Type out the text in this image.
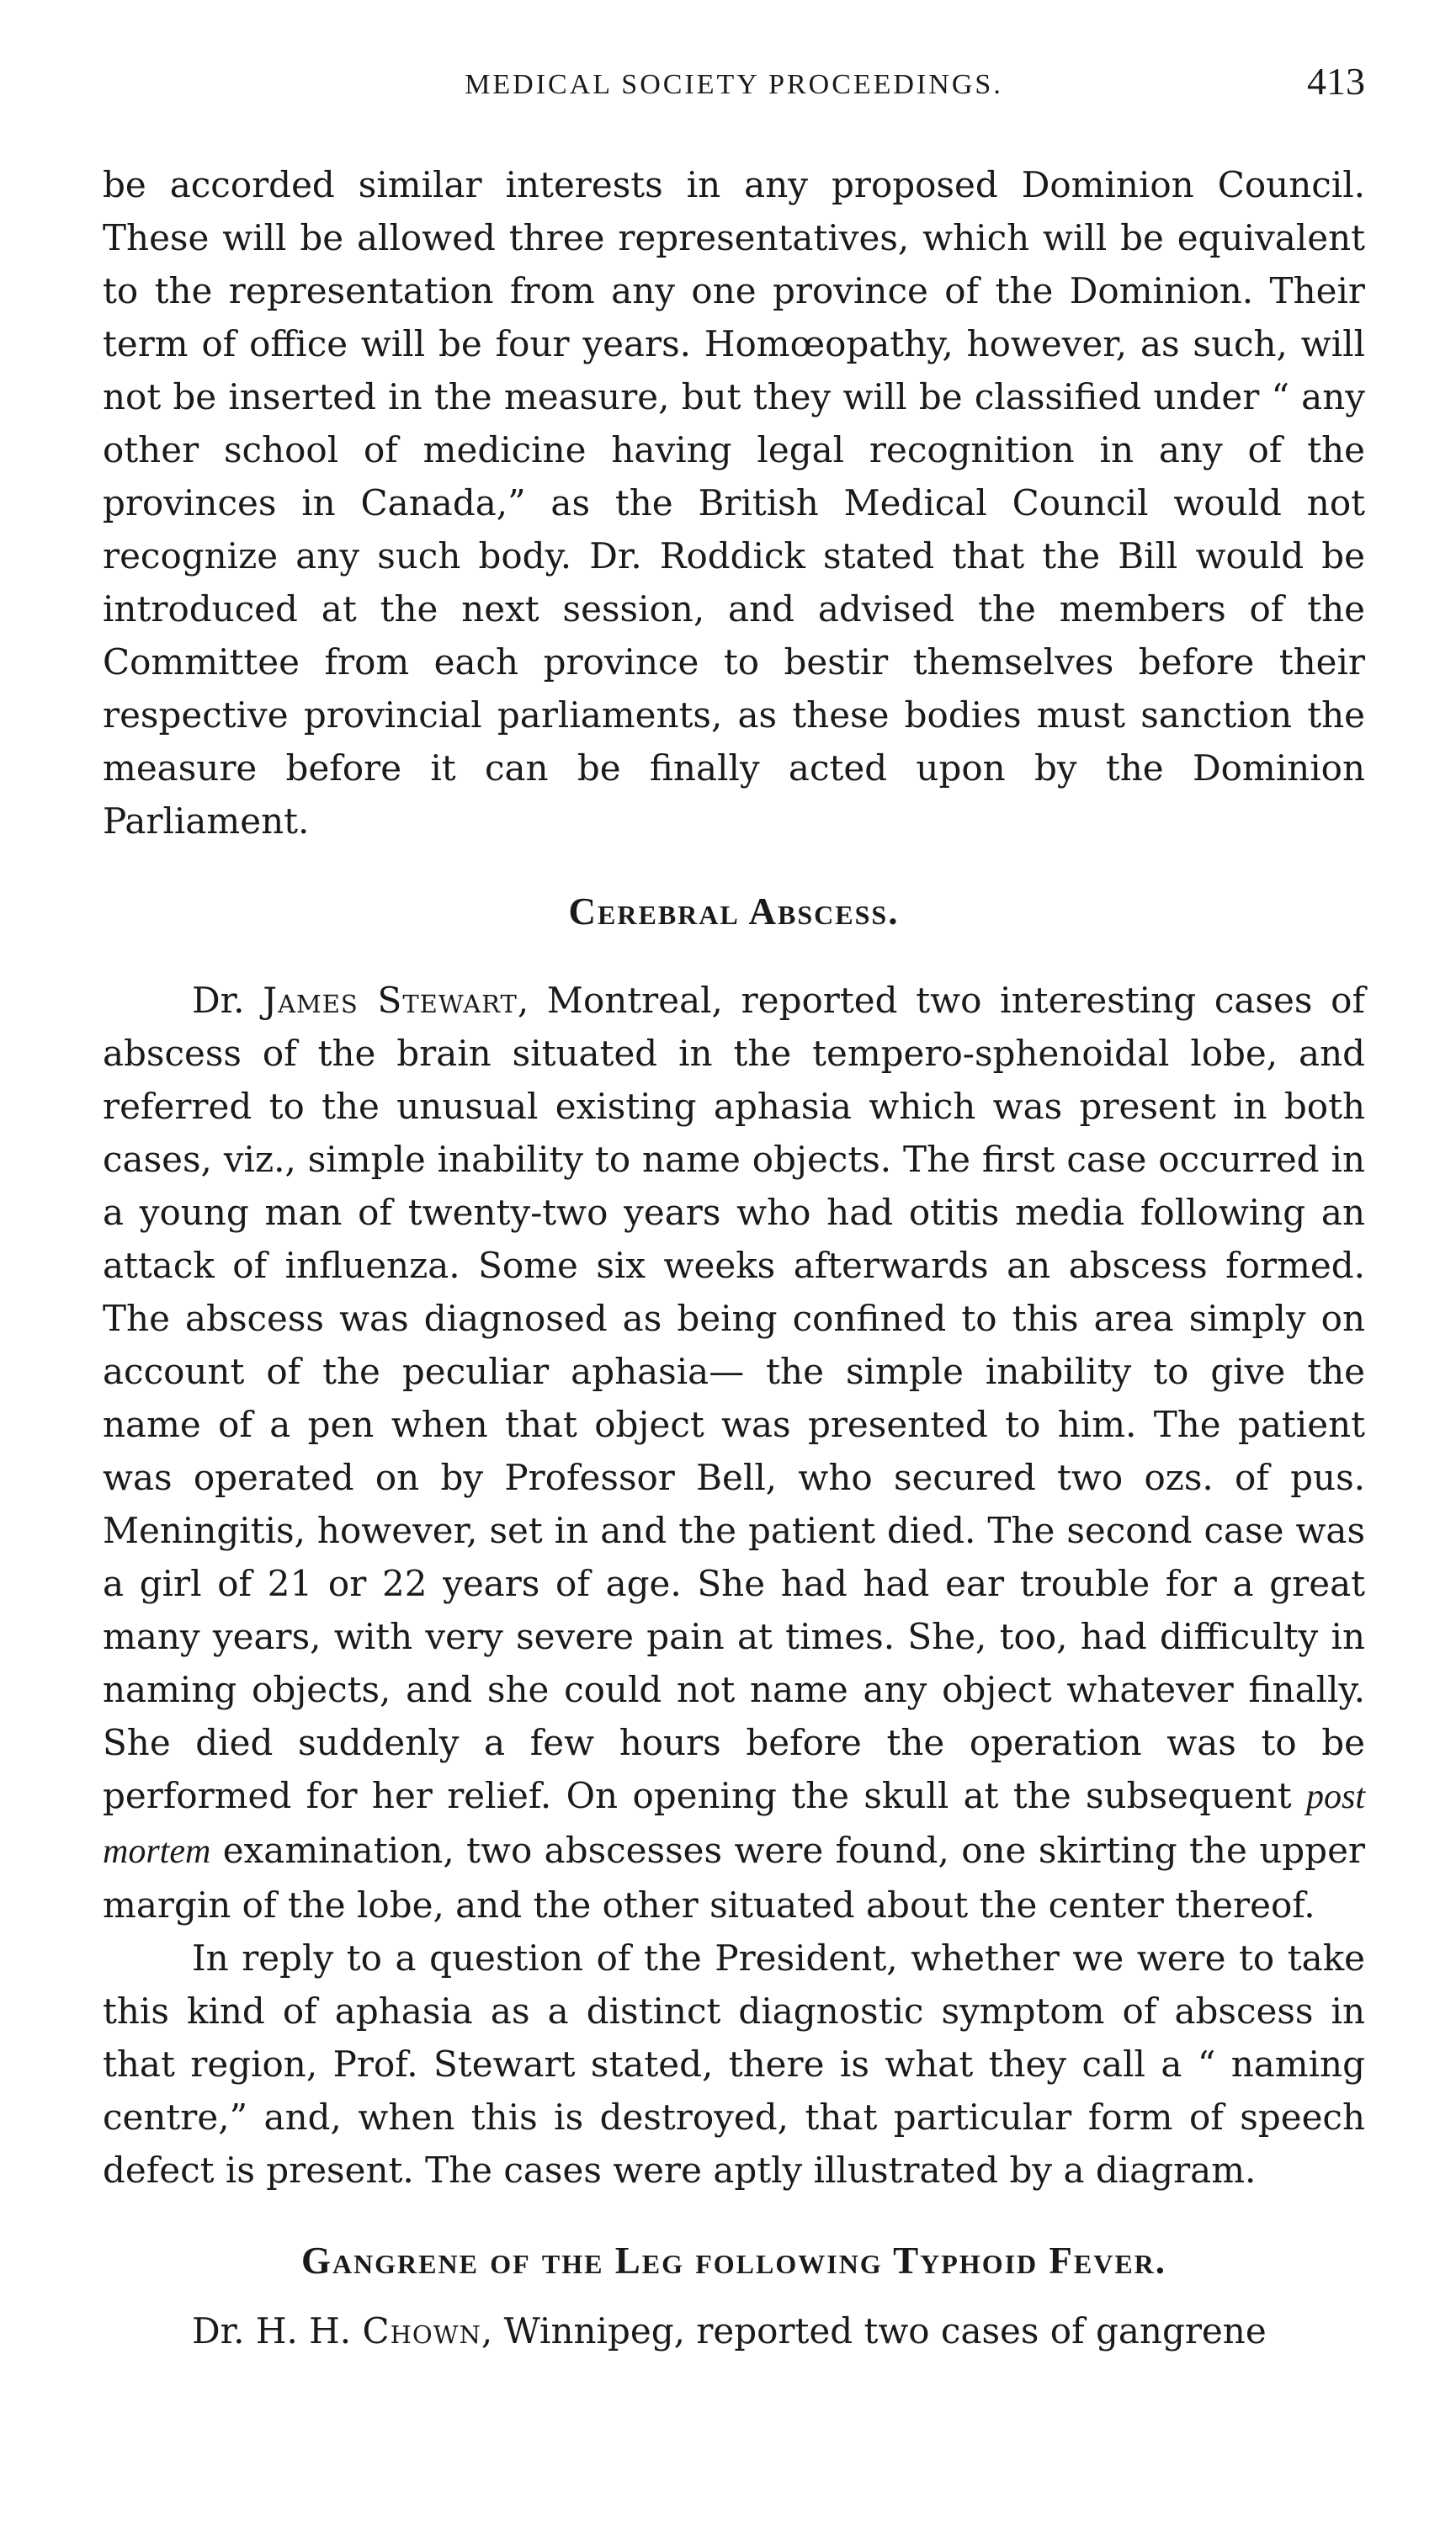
MEDICAL SOCIETY PROCEEDINGS.	413

be accorded similar interests in any proposed Dominion Council. These will be allowed three representatives, which will be equivalent to the representation from any one province of the Dominion. Their term of office will be four years. Homœopathy, however, as such, will not be inserted in the measure, but they will be classified under “ any other school of medicine having legal recognition in any of the provinces in Canada,” as the British Medical Council would not recognize any such body. Dr. Roddick stated that the Bill would be introduced at the next session, and advised the members of the Committee from each province to bestir themselves before their respective provincial parliaments, as these bodies must sanction the measure before it can be finally acted upon by the Dominion Parliament.

Cerebral Abscess.

Dr. James Stewart, Montreal, reported two interesting cases of abscess of the brain situated in the tempero-sphenoidal lobe, and referred to the unusual existing aphasia which was present in both cases, viz., simple inability to name objects. The first case occurred in a young man of twenty-two years who had otitis media following an attack of influenza. Some six weeks afterwards an abscess formed. The abscess was diagnosed as being confined to this area simply on account of the peculiar aphasia— the simple inability to give the name of a pen when that object was presented to him. The patient was operated on by Professor Bell, who secured two ozs. of pus. Meningitis, however, set in and the patient died. The second case was a girl of 21 or 22 years of age. She had had ear trouble for a great many years, with very severe pain at times. She, too, had difficulty in naming objects, and she could not name any object whatever finally. She died suddenly a few hours before the operation was to be performed for her relief. On opening the skull at the subsequent post mortem examination, two abscesses were found, one skirting the upper margin of the lobe, and the other situated about the center thereof.

In reply to a question of the President, whether we were to take this kind of aphasia as a distinct diagnostic symptom of abscess in that region, Prof. Stewart stated, there is what they call a “ naming centre,” and, when this is destroyed, that particular form of speech defect is present. The cases were aptly illustrated by a diagram.

Gangrene of the Leg following Typhoid Fever.

Dr. H. H. Chown, Winnipeg, reported two cases of gangrene
